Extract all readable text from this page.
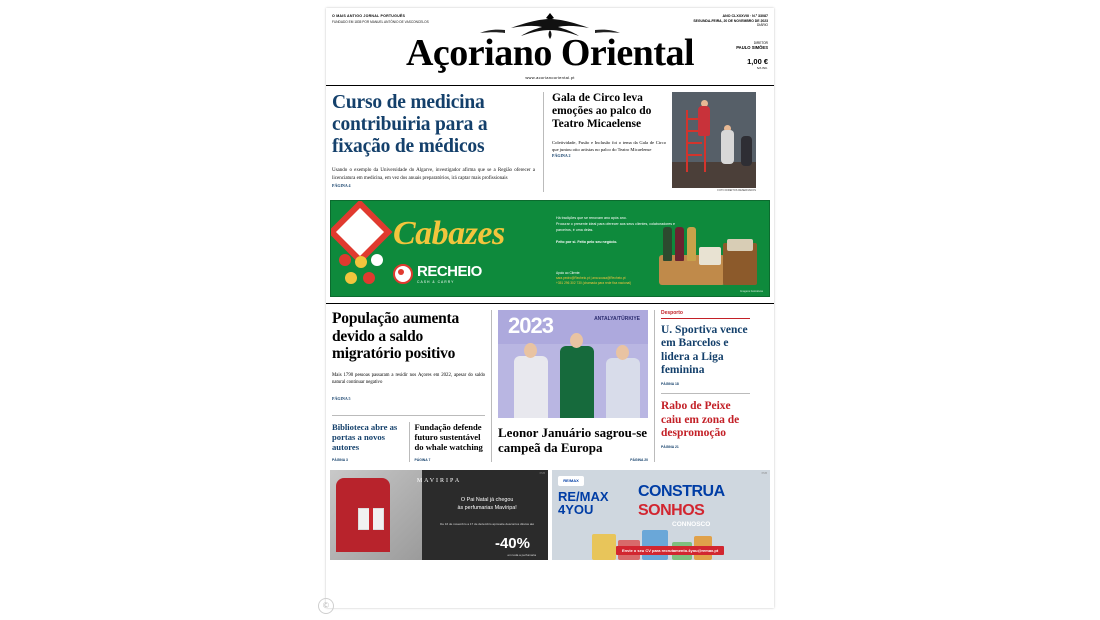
O MAIS ANTIGO JORNAL PORTUGUÊS
FUNDADO EM 1835 POR MANUEL ANTÓNIO DE VASCONCELOS
ANO CLXXXVIII · N.º 33087
SEGUNDA-FEIRA, 20 DE NOVEMBRO DE 2023
DIÁRIO
DIRETOR
PAULO SIMÕES
1,00 €
IVA INC.
Açoriano Oriental
www.acorianooriental.pt
Curso de medicina contribuiria para a fixação de médicos

Usando o exemplo da Universidade do Algarve, investigador afirma que se a Região oferecer a licenciatura em medicina, em vez dos anuais preparatórios, irá captar mais profissionais

PÁGINA 4
Gala de Circo leva emoções ao palco do Teatro Micaelense

Coletividade, Fusão e Inclusão foi o tema da Gala de Circo que juntou oito artistas no palco do Teatro Micaelense

PÁGINA 2
FOTO DIREITOS RESERVADOS
Cabazes
RECHEIO
CASH & CARRY
Há tradições que se renovam ano após ano.
Procurar o presente ideal para oferecer aos seus clientes, colaboradores e parceiros, é uma delas.
Feito por si. Feito pelo seu negócio.
Apoio ao Cliente:
sara.pedro@Recheio.pt | ana.sousa@Recheio.pt
+351 296 302 730 (chamada para rede fixa nacional)
Imagens ilustrativas
População aumenta devido a saldo migratório positivo

Mais 1790 pessoas passaram a residir nos Açores em 2022, apesar do saldo natural continuar negativo

PÁGINA 5
Biblioteca abre as portas a novos autores
PÁGINA 3
Fundação defende futuro sustentável do whale watching
PÁGINA 7
2023	ANTALYA/TÜRKIYE
Leonor Januário sagrou-se campeã da Europa
PÁGINA 20
Desporto
U. Sportiva vence em Barcelos e lidera a Liga feminina
PÁGINA 18
Rabo de Peixe caiu em zona de despromoção
PÁGINA 21
PUB
MAVIRIPA
O Pai Natal já chegou
às perfumarias Mavíripa!
De 16 de novembro a 17 de dezembro aproveite descontos diretos até
-40%
em toda a perfumaria
PUB
RE/MAX
RE/MAX
4YOU
CONSTRUA
SONHOS
CONNOSCO
Envie o seu CV para recrutamento.4you@remax.pt
©
